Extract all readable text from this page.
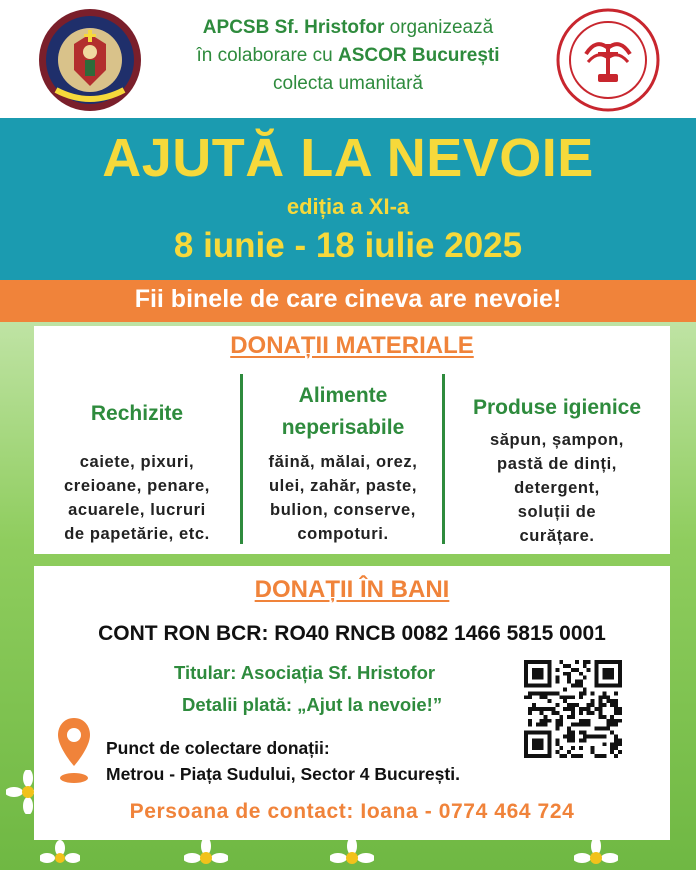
APCSB Sf. Hristofor organizează
în colaborare cu ASCOR București
colecta umanitară
AJUTĂ LA NEVOIE
ediția a XI-a
8 iunie - 18 iulie 2025
Fii binele de care cineva are nevoie!
DONAȚII MATERIALE
Rechizite
caiete, pixuri,
creioane, penare,
acuarele, lucruri
de papetărie, etc.
Alimente
neperisabile
făină, mălai, orez,
ulei, zahăr, paste,
bulion, conserve,
compoturi.
Produse igienice
săpun, șampon,
pastă de dinți,
detergent,
soluții de
curățare.
DONAȚII ÎN BANI
CONT RON BCR: RO40 RNCB 0082 1466 5815 0001
Titular: Asociația Sf. Hristofor
Detalii plată: „Ajut la nevoie!”
Punct de colectare donații:
Metrou - Piața Sudului, Sector 4 București.
Persoana de contact: Ioana - 0774 464 724
